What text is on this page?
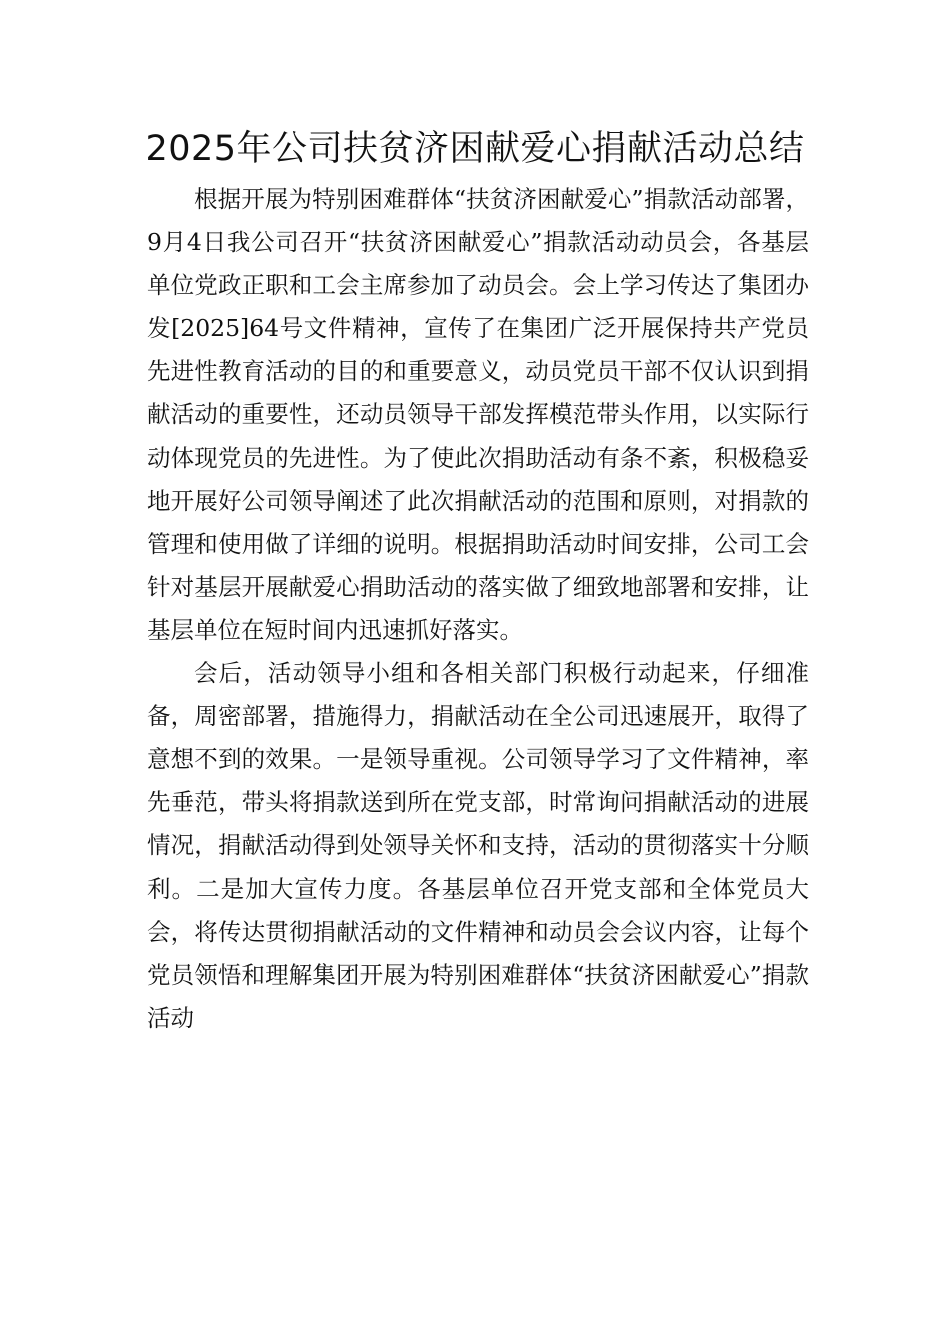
2025年公司扶贫济困献爱心捐献活动总结

根据开展为特别困难群体“扶贫济困献爱心”捐款活动部署，9月4日我公司召开“扶贫济困献爱心”捐款活动动员会，各基层单位党政正职和工会主席参加了动员会。会上学习传达了集团办发[2025]64号文件精神，宣传了在集团广泛开展保持共产党员先进性教育活动的目的和重要意义，动员党员干部不仅认识到捐献活动的重要性，还动员领导干部发挥模范带头作用，以实际行动体现党员的先进性。为了使此次捐助活动有条不紊，积极稳妥地开展好公司领导阐述了此次捐献活动的范围和原则，对捐款的管理和使用做了详细的说明。根据捐助活动时间安排，公司工会针对基层开展献爱心捐助活动的落实做了细致地部署和安排，让基层单位在短时间内迅速抓好落实。

会后，活动领导小组和各相关部门积极行动起来，仔细准备，周密部署，措施得力，捐献活动在全公司迅速展开，取得了意想不到的效果。一是领导重视。公司领导学习了文件精神，率先垂范，带头将捐款送到所在党支部，时常询问捐献活动的进展情况，捐献活动得到处领导关怀和支持，活动的贯彻落实十分顺利。二是加大宣传力度。各基层单位召开党支部和全体党员大会，将传达贯彻捐献活动的文件精神和动员会会议内容，让每个党员领悟和理解集团开展为特别困难群体“扶贫济困献爱心”捐款活动
